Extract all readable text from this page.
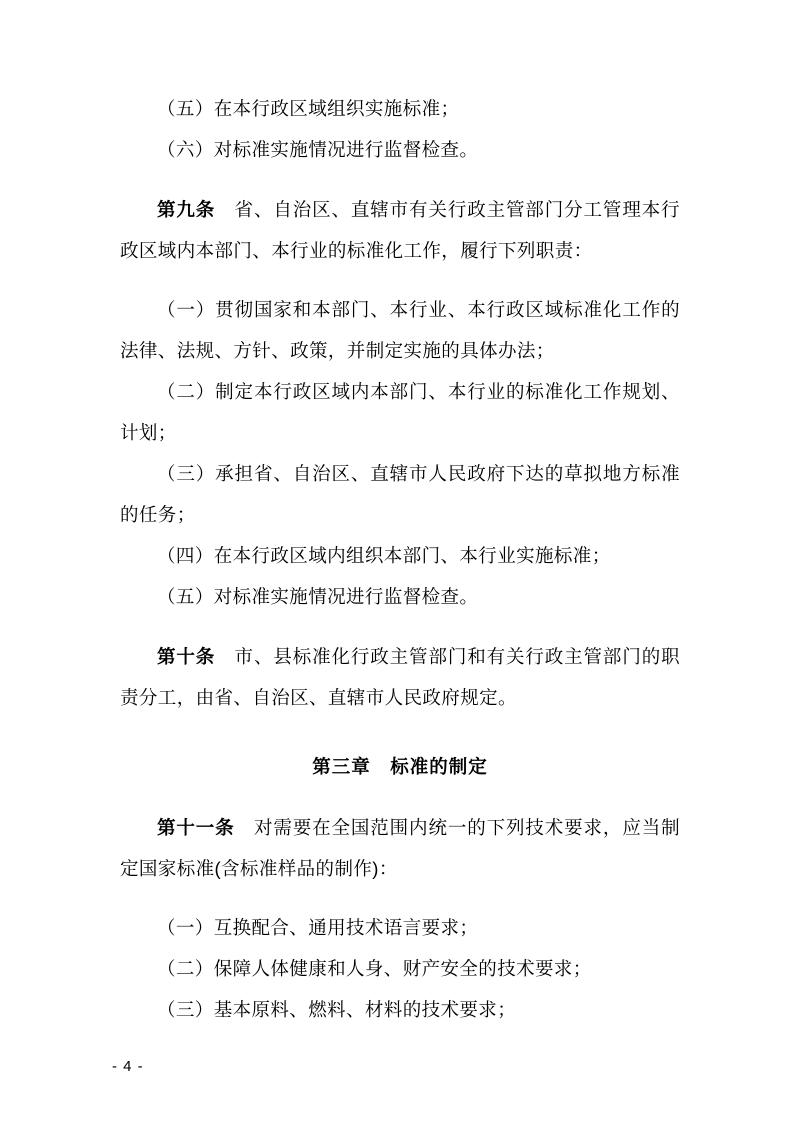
（五）在本行政区域组织实施标准；

（六）对标准实施情况进行监督检查。

第九条　省、自治区、直辖市有关行政主管部门分工管理本行政区域内本部门、本行业的标准化工作，履行下列职责：

（一）贯彻国家和本部门、本行业、本行政区域标准化工作的法律、法规、方针、政策，并制定实施的具体办法；

（二）制定本行政区域内本部门、本行业的标准化工作规划、计划；

（三）承担省、自治区、直辖市人民政府下达的草拟地方标准的任务；

（四）在本行政区域内组织本部门、本行业实施标准；

（五）对标准实施情况进行监督检查。

第十条　市、县标准化行政主管部门和有关行政主管部门的职责分工，由省、自治区、直辖市人民政府规定。

第三章　标准的制定

第十一条　对需要在全国范围内统一的下列技术要求，应当制定国家标准(含标准样品的制作)：

（一）互换配合、通用技术语言要求；

（二）保障人体健康和人身、财产安全的技术要求；

（三）基本原料、燃料、材料的技术要求；

- 4 -
